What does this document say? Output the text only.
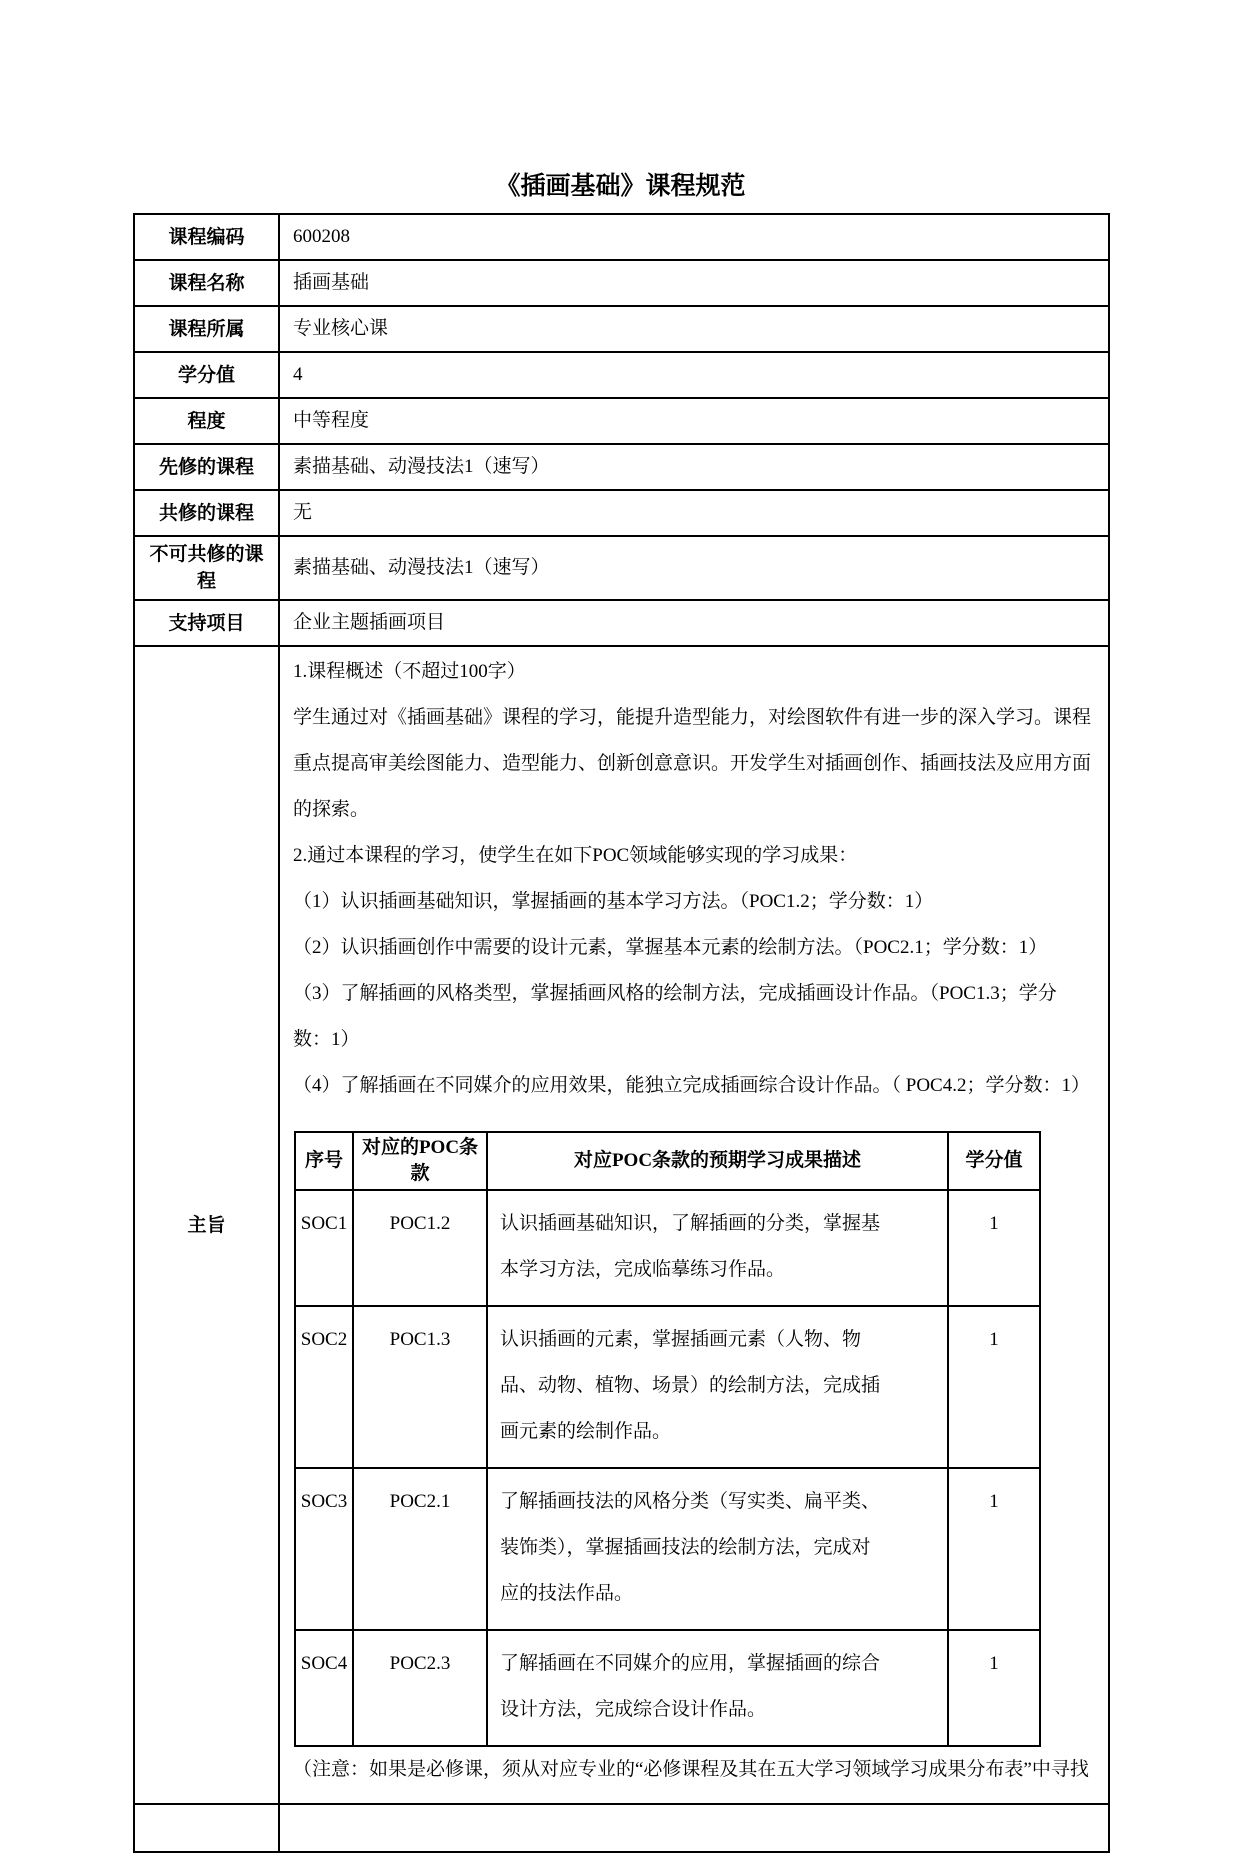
《插画基础》课程规范
课程编码	600208
课程名称	插画基础
课程所属	专业核心课
学分值	4
程度	中等程度
先修的课程	素描基础、动漫技法1（速写）
共修的课程	无
不可共修的课程	素描基础、动漫技法1（速写）
支持项目	企业主题插画项目
主旨	

1.课程概述（不超过100字）

学生通过对《插画基础》课程的学习，能提升造型能力，对绘图软件有进一步的深入学习。课程重点提高审美绘图能力、造型能力、创新创意意识。开发学生对插画创作、插画技法及应用方面的探索。

2.通过本课程的学习，使学生在如下POC领域能够实现的学习成果：

（1）认识插画基础知识，掌握插画的基本学习方法。（POC1.2；学分数：1）

（2）认识插画创作中需要的设计元素，掌握基本元素的绘制方法。（POC2.1；学分数：1）

（3）了解插画的风格类型，掌握插画风格的绘制方法，完成插画设计作品。（POC1.3；学分数：1）

（4）了解插画在不同媒介的应用效果，能独立完成插画综合设计作品。（ POC4.2；学分数：1）

序号	对应的POC条款	对应POC条款的预期学习成果描述	学分值
SOC1	POC1.2	认识插画基础知识，了解插画的分类，掌握基本学习方法，完成临摹练习作品。	1
SOC2	POC1.3	认识插画的元素，掌握插画元素（人物、物品、动物、植物、场景）的绘制方法，完成插画元素的绘制作品。	1
SOC3	POC2.1	了解插画技法的风格分类（写实类、扁平类、装饰类），掌握插画技法的绘制方法，完成对应的技法作品。	1
SOC4	POC2.3	了解插画在不同媒介的应用，掌握插画的综合设计方法，完成综合设计作品。	1

（注意：如果是必修课，须从对应专业的“必修课程及其在五大学习领域学习成果分布表”中寻找
